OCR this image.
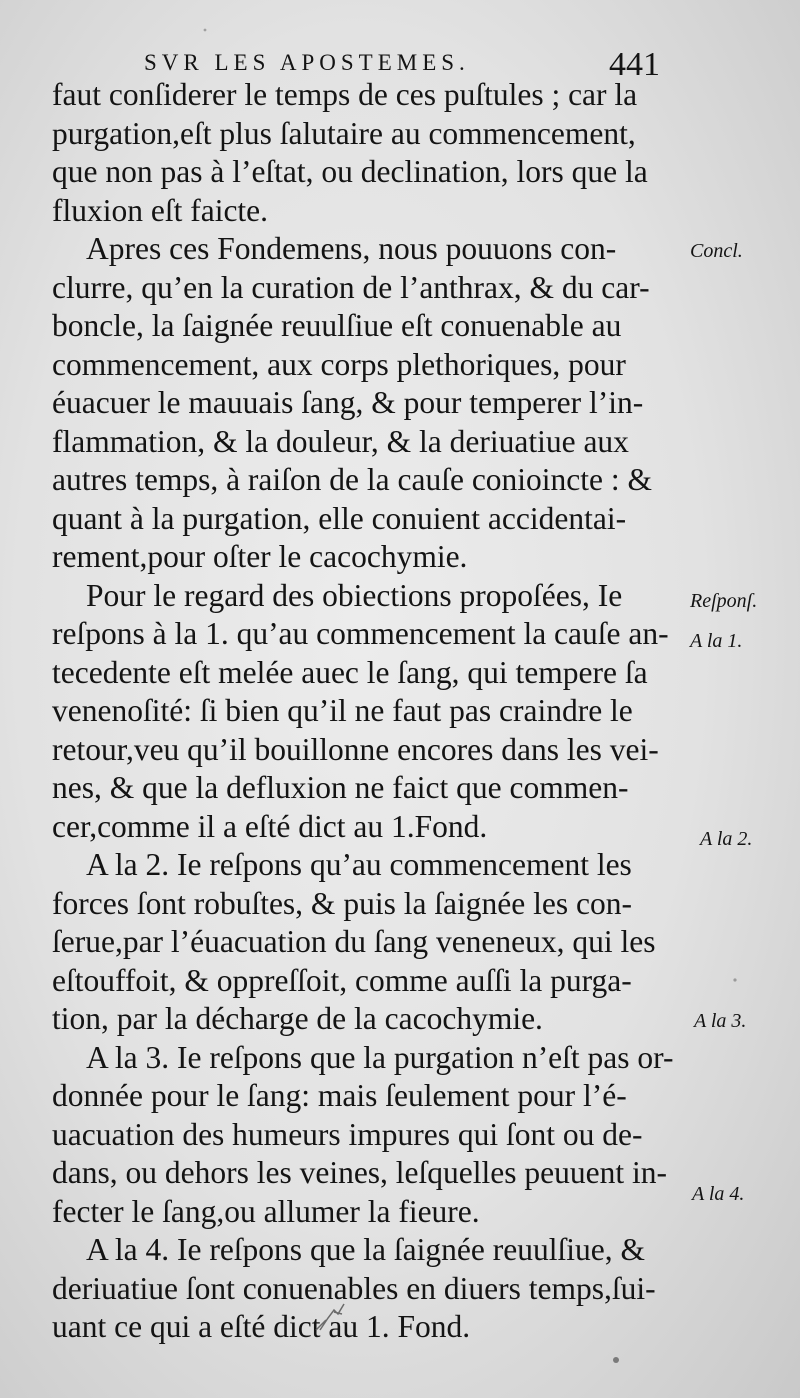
SVR LES APOSTEMES.	441
faut conſiderer le temps de ces puſtules ; car la
purgation,eſt plus ſalutaire au commencement,
que non pas à l’eſtat, ou declination, lors que la
fluxion eſt faicte.
Apres ces Fondemens, nous pouuons con-
clurre, qu’en la curation de l’anthrax, & du car-
boncle, la ſaignée reuulſiue eſt conuenable au
commencement, aux corps plethoriques, pour
éuacuer le mauuais ſang, & pour temperer l’in-
flammation, & la douleur, & la deriuatiue aux
autres temps, à raiſon de la cauſe conioincte : &
quant à la purgation, elle conuient accidentai-
rement,pour oſter le cacochymie.
Pour le regard des obiections propoſées, Ie
reſpons à la 1. qu’au commencement la cauſe an-
tecedente eſt melée auec le ſang, qui tempere ſa
venenoſité: ſi bien qu’il ne faut pas craindre le
retour,veu qu’il bouillonne encores dans les vei-
nes, & que la defluxion ne faict que commen-
cer,comme il a eſté dict au 1.Fond.
A la 2. Ie reſpons qu’au commencement les
forces ſont robuſtes, & puis la ſaignée les con-
ſerue,par l’éuacuation du ſang veneneux, qui les
eſtouffoit, & oppreſſoit, comme auſſi la purga-
tion, par la décharge de la cacochymie.
A la 3. Ie reſpons que la purgation n’eſt pas or-
donnée pour le ſang: mais ſeulement pour l’é-
uacuation des humeurs impures qui ſont ou de-
dans, ou dehors les veines, leſquelles peuuent in-
fecter le ſang,ou allumer la fieure.
A la 4. Ie reſpons que la ſaignée reuulſiue, &
deriuatiue ſont conuenables en diuers temps,ſui-
uant ce qui a eſté dict au 1. Fond.
Concl.
Reſponſ.
A la 1.
A la 2.
A la 3.
A la 4.
